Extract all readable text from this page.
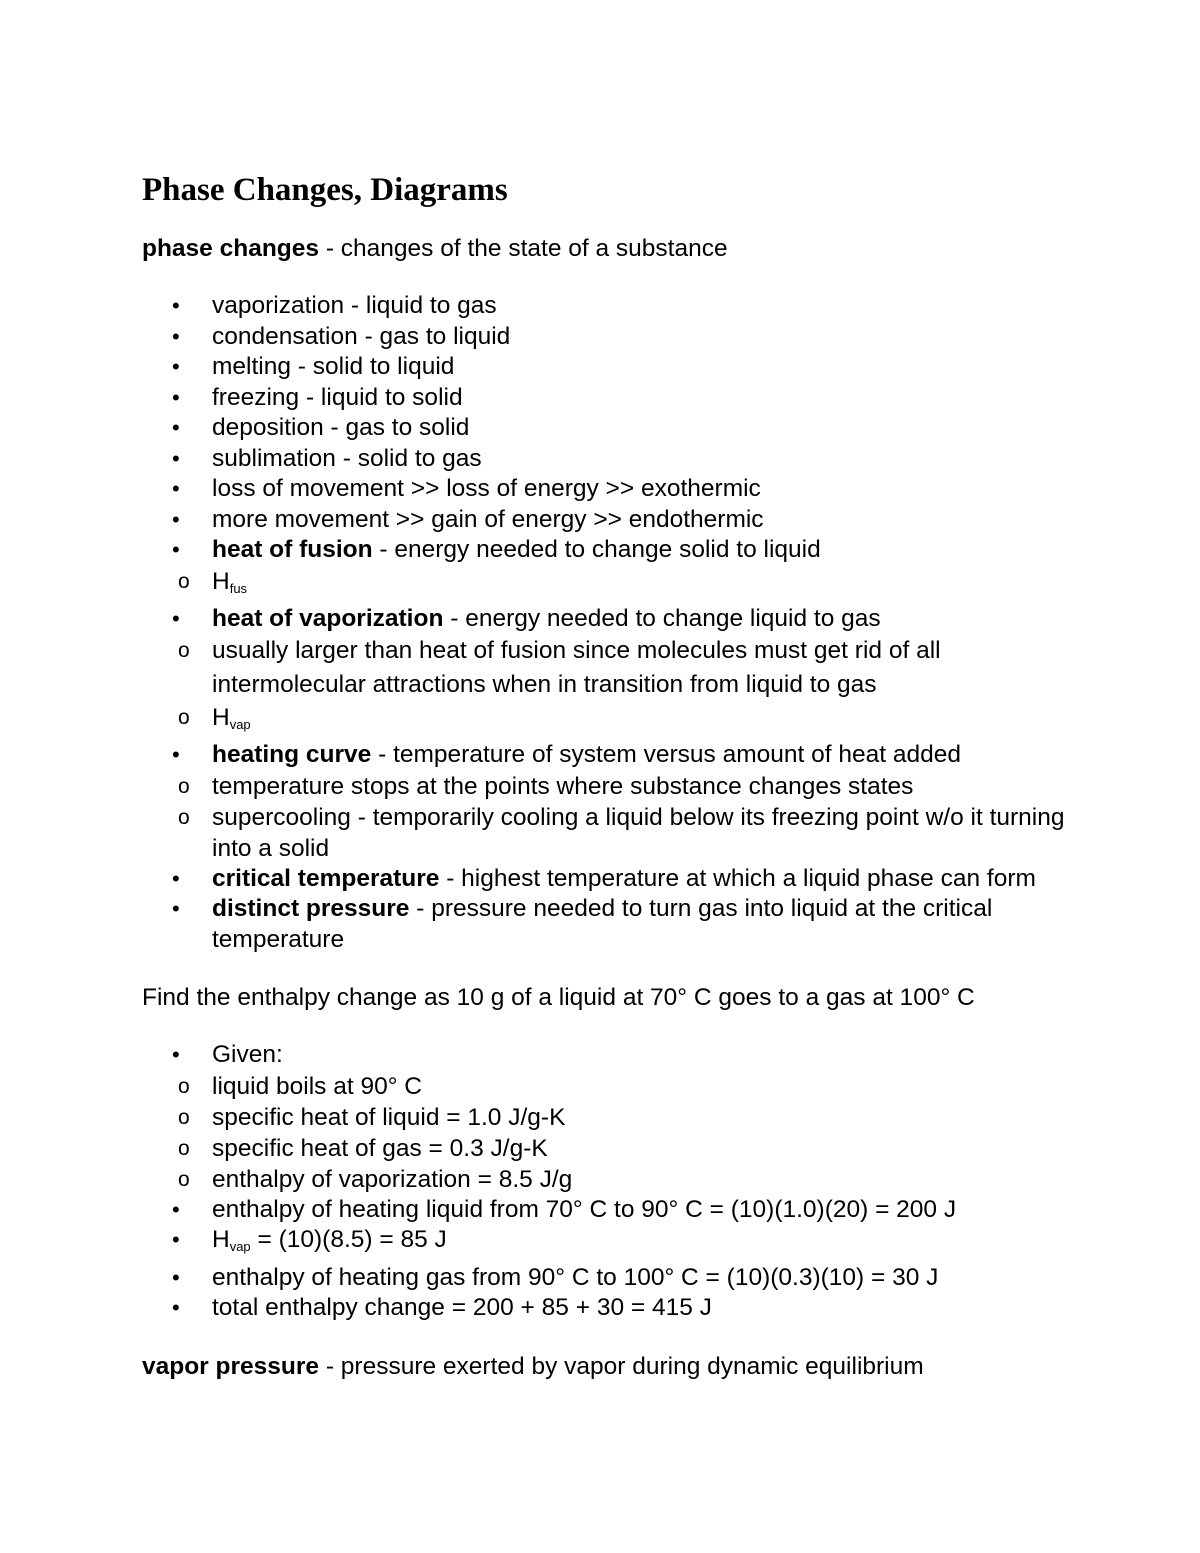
Phase Changes, Diagrams

phase changes - changes of the state of a substance

• vaporization - liquid to gas
• condensation - gas to liquid
• melting - solid to liquid
• freezing - liquid to solid
• deposition - gas to solid
• sublimation - solid to gas
• loss of movement >> loss of energy >> exothermic
• more movement >> gain of energy >> endothermic
• heat of fusion - energy needed to change solid to liquid
o $H_{fus}$
• heat of vaporization - energy needed to change liquid to gas
o usually larger than heat of fusion since molecules must get rid of all intermolecular attractions when in transition from liquid to gas
o $H_{vap}$
• heating curve - temperature of system versus amount of heat added
o temperature stops at the points where substance changes states
o supercooling - temporarily cooling a liquid below its freezing point w/o it turning into a solid
• critical temperature - highest temperature at which a liquid phase can form
• distinct pressure - pressure needed to turn gas into liquid at the critical temperature

Find the enthalpy change as 10 g of a liquid at 70° C goes to a gas at 100° C

• Given:
o liquid boils at 90° C
o specific heat of liquid = 1.0 J/g-K
o specific heat of gas = 0.3 J/g-K
o enthalpy of vaporization = 8.5 J/g
• enthalpy of heating liquid from 70° C to 90° C = (10)(1.0)(20) = 200 J
• $H_{vap} = (10)(8.5) = 85$ J
• enthalpy of heating gas from 90° C to 100° C = (10)(0.3)(10) = 30 J
• total enthalpy change = 200 + 85 + 30 = 415 J

vapor pressure - pressure exerted by vapor during dynamic equilibrium
